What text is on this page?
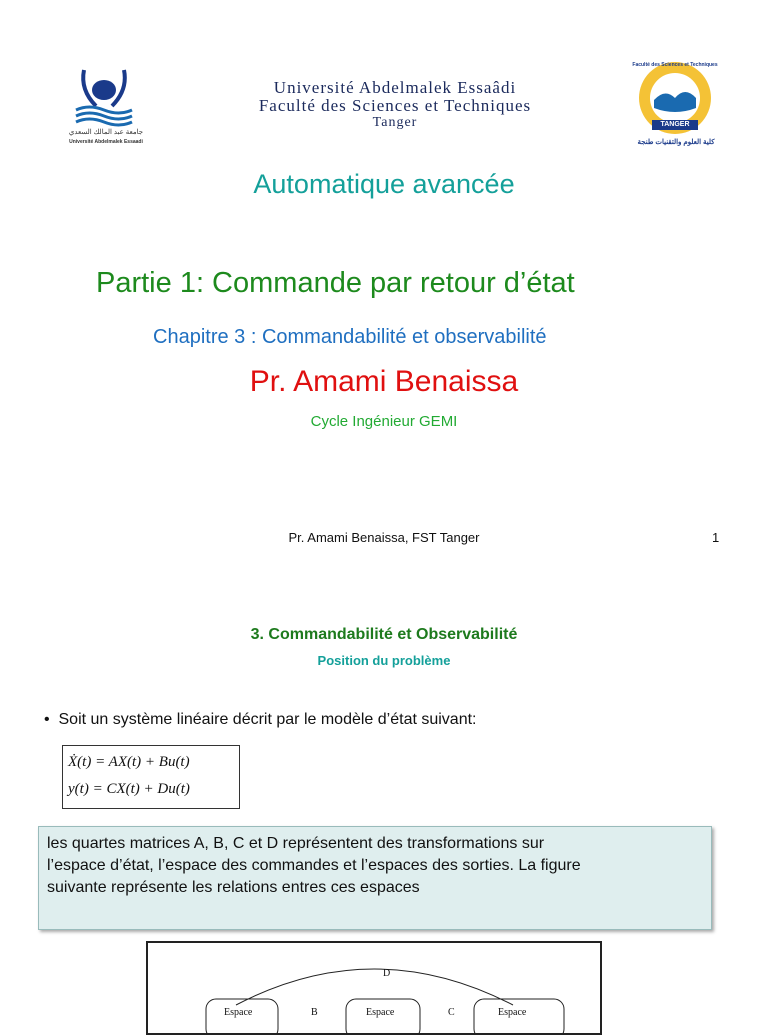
جامعة عبد المالك السعدي
Université Abdelmalek Essaadi
Université Abdelmalek Essaâdi
Faculté des Sciences et Techniques
Tanger
Faculté des Sciences et Techniques
TANGER
كلية العلوم والتقنيات طنجة
Automatique avancée
Partie 1: Commande par retour d’état
Chapitre 3 : Commandabilité et observabilité
Pr. Amami Benaissa
Cycle Ingénieur GEMI
Pr. Amami Benaissa, FST Tanger	1
3. Commandabilité et Observabilité
Position du problème
•  Soit un système linéaire décrit par le modèle d’état suivant:
Ẋ(t) = AX(t) + Bu(t)
y(t) = CX(t) + Du(t)

les quartes matrices A, B, C et D représentent des transformations sur

l’espace d’état, l’espace des commandes et l’espaces des sorties. La figure

suivante représente les relations entres ces espaces

D
B	C
Espace	Espace	Espace
